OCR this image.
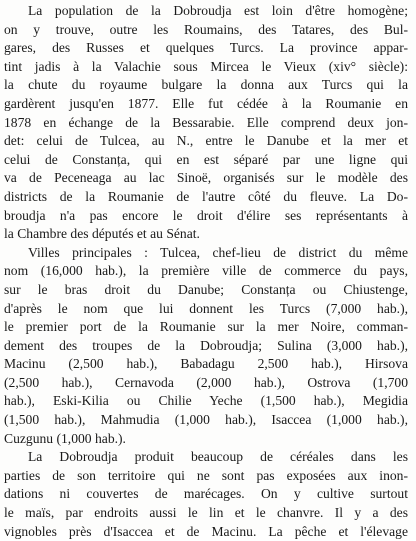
La population de la Dobroudja est loin d'être homogène;
on y trouve, outre les Roumains, des Tatares, des Bul-
gares, des Russes et quelques Turcs. La province appar-
tint jadis à la Valachie sous Mircea le Vieux (xiv° siècle):
la chute du royaume bulgare la donna aux Turcs qui la
gardèrent jusqu'en 1877. Elle fut cédée à la Roumanie en
1878 en échange de la Bessarabie. Elle comprend deux jon-
det: celui de Tulcea, au N., entre le Danube et la mer et
celui de Constanța, qui en est séparé par une ligne qui
va de Peceneaga au lac Sinoë, organisés sur le modèle des
districts de la Roumanie de l'autre côté du fleuve. La Do-
broudja n'a pas encore le droit d'élire ses représentants à
la Chambre des députés et au Sénat.
Villes principales : Tulcea, chef-lieu de district du même
nom (16,000 hab.), la première ville de commerce du pays,
sur le bras droit du Danube; Constanța ou Chiustenge,
d'après le nom que lui donnent les Turcs (7,000 hab.),
le premier port de la Roumanie sur la mer Noire, comman-
dement des troupes de la Dobroudja; Sulina (3,000 hab.),
Macinu (2,500 hab.), Babadagu 2,500 hab.), Hirsova
(2,500 hab.), Cernavoda (2,000 hab.), Ostrova (1,700
hab.), Eski-Kilia ou Chilie Yeche (1,500 hab.), Megidia
(1,500 hab.), Mahmudia (1,000 hab.), Isaccea (1,000 hab.),
Cuzgunu (1,000 hab.).
La Dobroudja produit beaucoup de céréales dans les
parties de son territoire qui ne sont pas exposées aux inon-
dations ni couvertes de marécages. On y cultive surtout
le maïs, par endroits aussi le lin et le chanvre. Il y a des
vignobles près d'Isaccea et de Macinu. La pêche et l'élevage
